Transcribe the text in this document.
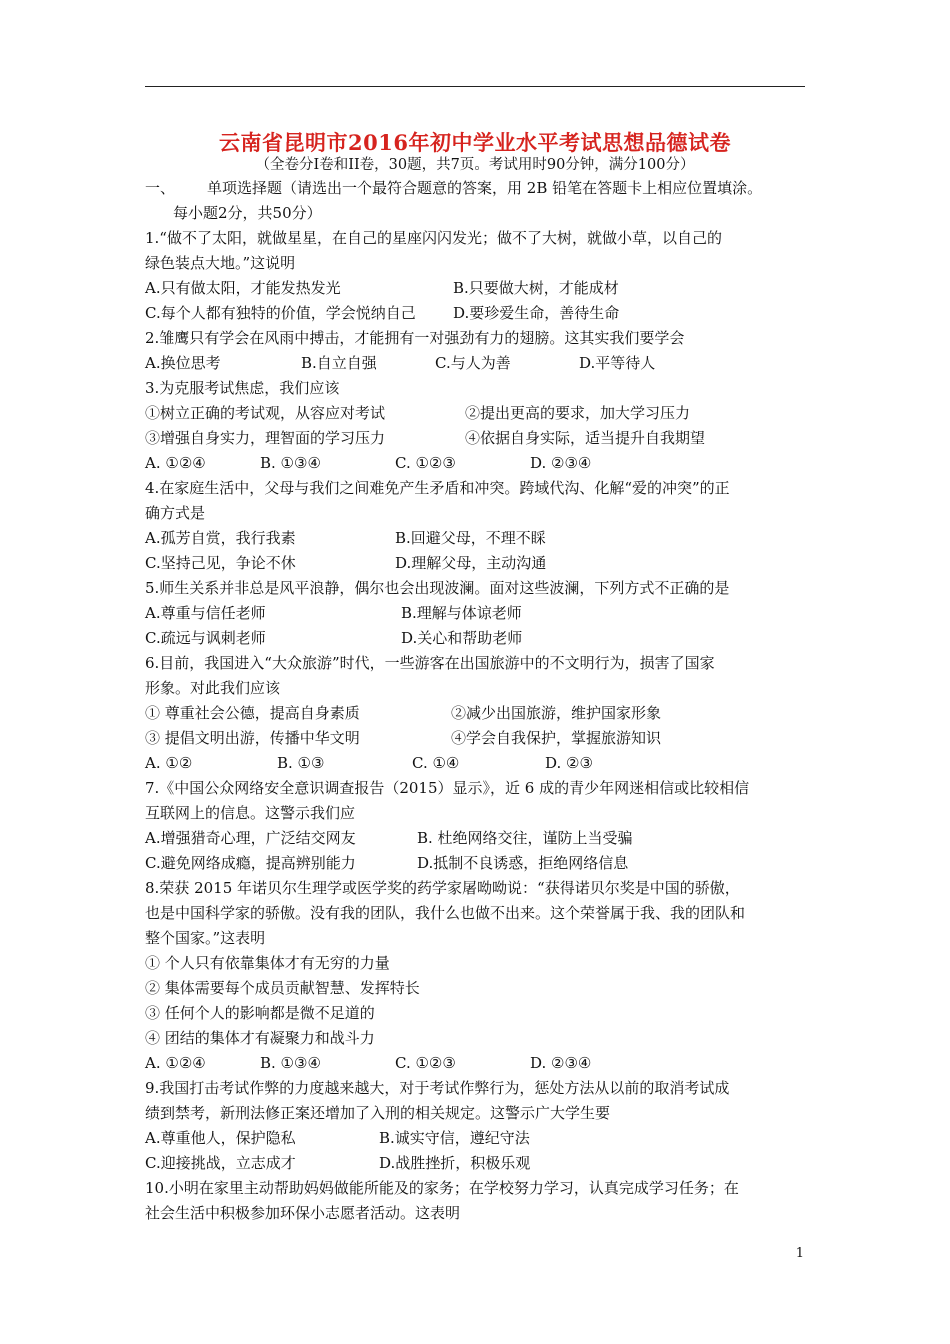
云南省昆明市2016年初中学业水平考试思想品德试卷
（全卷分I卷和II卷，30题，共7页。考试用时90分钟，满分100分）
一、 单项选择题（请选出一个最符合题意的答案，用 2B 铅笔在答题卡上相应位置填涂。
每小题2分，共50分）
1.“做不了太阳，就做星星，在自己的星座闪闪发光；做不了大树，就做小草，以自己的
绿色装点大地。”这说明
A.只有做太阳，才能发热发光	B.只要做大树，才能成材
C.每个人都有独特的价值，学会悦纳自己	D.要珍爱生命，善待生命
2.雏鹰只有学会在风雨中搏击，才能拥有一对强劲有力的翅膀。这其实我们要学会
A.换位思考	B.自立自强	C.与人为善	D.平等待人
3.为克服考试焦虑，我们应该
①树立正确的考试观，从容应对考试	②提出更高的要求，加大学习压力
③增强自身实力，理智面的学习压力	④依据自身实际，适当提升自我期望
A. ①②④	B. ①③④	C. ①②③	D. ②③④
4.在家庭生活中，父母与我们之间难免产生矛盾和冲突。跨域代沟、化解“爱的冲突”的正
确方式是
A.孤芳自赏，我行我素	B.回避父母，不理不睬
C.坚持己见，争论不休	D.理解父母，主动沟通
5.师生关系并非总是风平浪静，偶尔也会出现波澜。面对这些波澜，下列方式不正确的是
A.尊重与信任老师	B.理解与体谅老师
C.疏远与讽刺老师	D.关心和帮助老师
6.目前，我国进入“大众旅游”时代，一些游客在出国旅游中的不文明行为，损害了国家
形象。对此我们应该
① 尊重社会公德，提高自身素质	②减少出国旅游，维护国家形象
③ 提倡文明出游，传播中华文明	④学会自我保护，掌握旅游知识
A. ①②	B. ①③	C. ①④	D. ②③
7.《中国公众网络安全意识调查报告（2015）显示》，近 6 成的青少年网迷相信或比较相信
互联网上的信息。这警示我们应
A.增强猎奇心理，广泛结交网友	B. 杜绝网络交往，谨防上当受骗
C.避免网络成瘾，提高辨别能力	D.抵制不良诱惑，拒绝网络信息
8.荣获 2015 年诺贝尔生理学或医学奖的药学家屠呦呦说：“获得诺贝尔奖是中国的骄傲，
也是中国科学家的骄傲。没有我的团队，我什么也做不出来。这个荣誉属于我、我的团队和
整个国家。”这表明
① 个人只有依靠集体才有无穷的力量
② 集体需要每个成员贡献智慧、发挥特长
③ 任何个人的影响都是微不足道的
④ 团结的集体才有凝聚力和战斗力
A. ①②④	B. ①③④	C. ①②③	D. ②③④
9.我国打击考试作弊的力度越来越大，对于考试作弊行为，惩处方法从以前的取消考试成
绩到禁考，新刑法修正案还增加了入刑的相关规定。这警示广大学生要
A.尊重他人，保护隐私	B.诚实守信，遵纪守法
C.迎接挑战，立志成才	D.战胜挫折，积极乐观
10.小明在家里主动帮助妈妈做能所能及的家务；在学校努力学习，认真完成学习任务；在
社会生活中积极参加环保小志愿者活动。这表明
1
